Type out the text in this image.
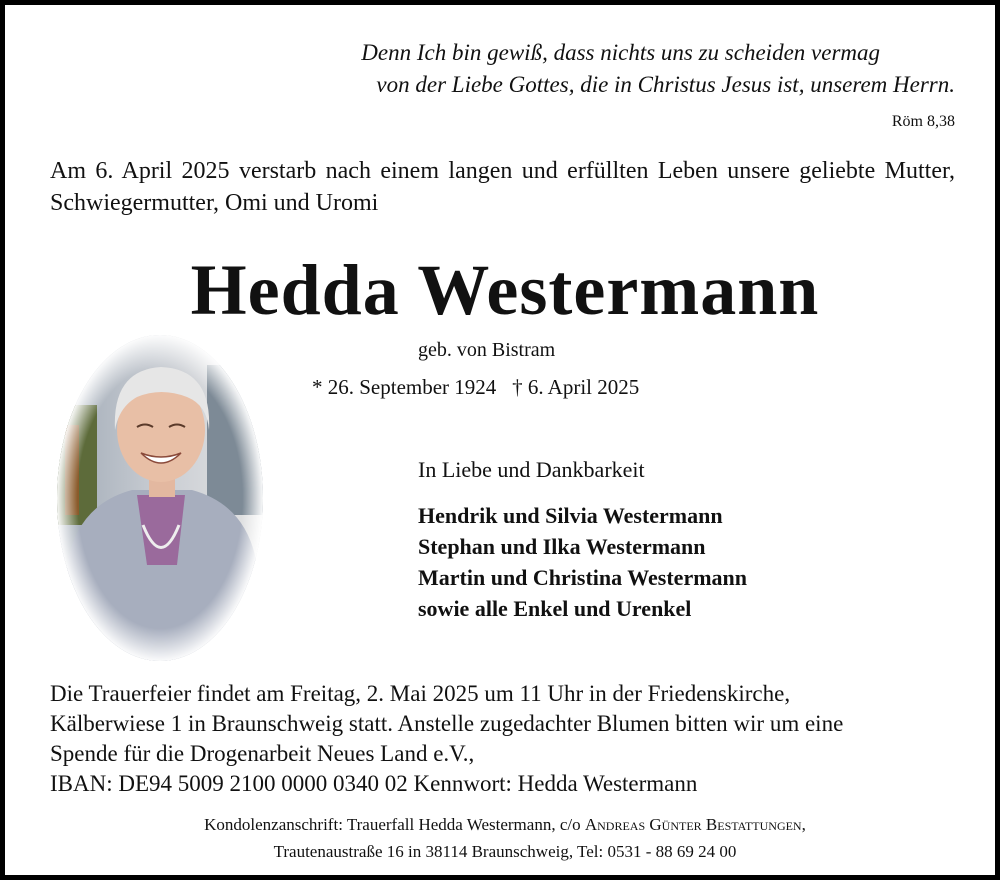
Denn Ich bin gewiß, dass nichts uns zu scheiden vermag
von der Liebe Gottes, die in Christus Jesus ist, unserem Herrn.
Röm 8,38
Am 6. April 2025 verstarb nach einem langen und erfüllten Leben unsere geliebte Mutter, Schwiegermutter, Omi und Uromi
Hedda Westermann
geb. von Bistram
* 26. September 1924 † 6. April 2025
In Liebe und Dankbarkeit
Hendrik und Silvia Westermann
Stephan und Ilka Westermann
Martin und Christina Westermann
sowie alle Enkel und Urenkel
Die Trauerfeier findet am Freitag, 2. Mai 2025 um 11 Uhr in der Friedenskirche,
Kälberwiese 1 in Braunschweig statt. Anstelle zugedachter Blumen bitten wir um eine
Spende für die Drogenarbeit Neues Land e.V.,
IBAN: DE94 5009 2100 0000 0340 02 Kennwort: Hedda Westermann
Kondolenzanschrift: Trauerfall Hedda Westermann, c/o Andreas Günter Bestattungen,
Trautenaustraße 16 in 38114 Braunschweig, Tel: 0531 - 88 69 24 00
